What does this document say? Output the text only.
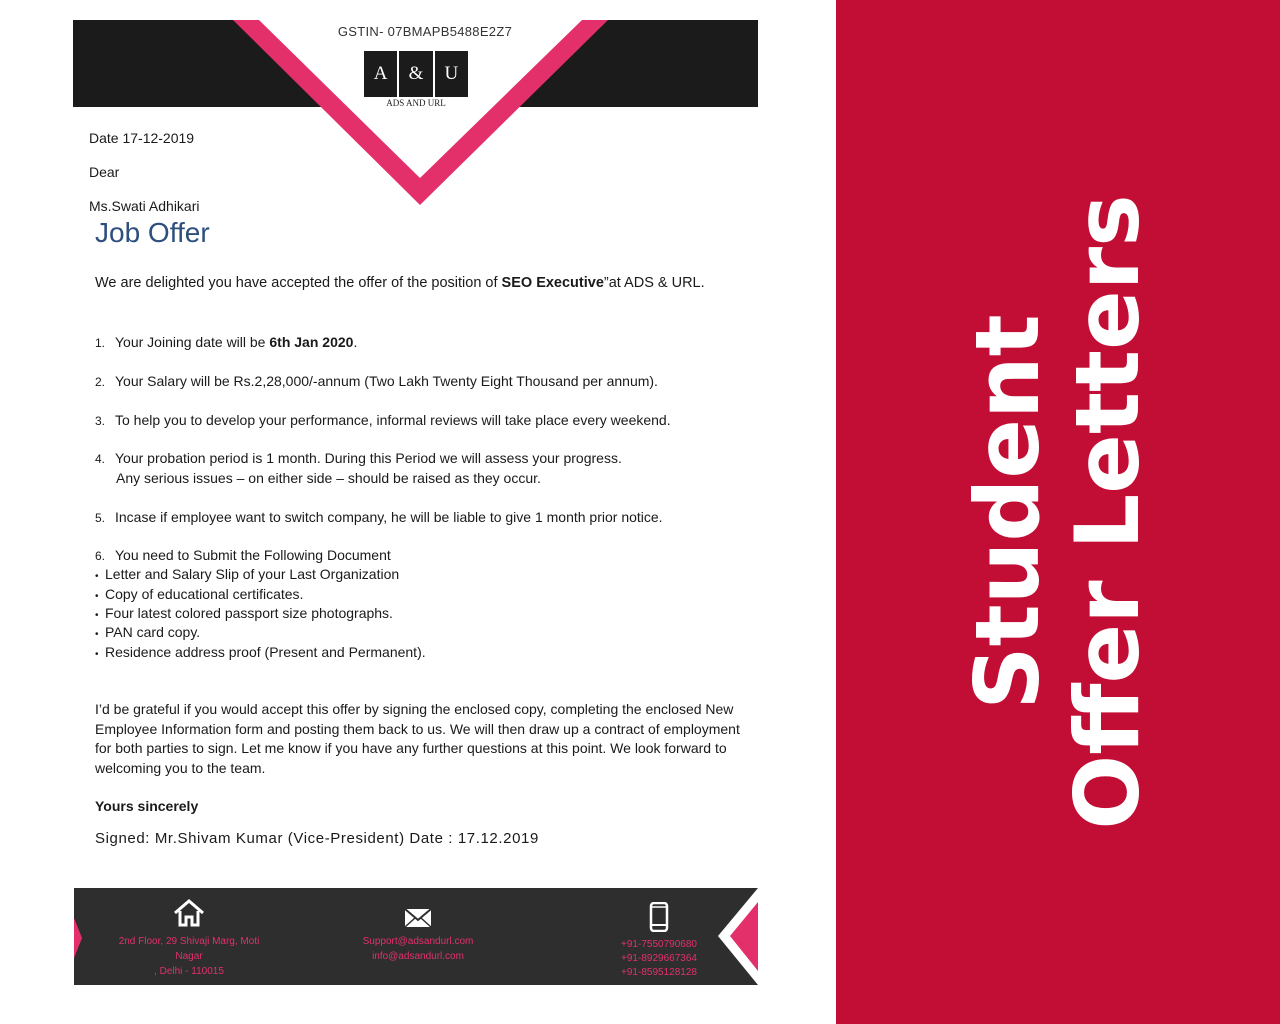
GSTIN- 07BMAPB5488E2Z7
A	&	U
ADS AND URL
Date 17-12-2019
Dear
Ms.Swati Adhikari
Job Offer
We are delighted you have accepted the offer of the position of SEO Executive”at ADS & URL.
1. Your Joining date will be 6th Jan 2020.
2. Your Salary will be Rs.2,28,000/-annum (Two Lakh Twenty Eight Thousand per annum).
3. To help you to develop your performance, informal reviews will take place every weekend.
4. Your probation period is 1 month. During this Period we will assess your progress.
Any serious issues – on either side – should be raised as they occur.
5. Incase if employee want to switch company, he will be liable to give 1 month prior notice.
6. You need to Submit the Following Document
• Letter and Salary Slip of your Last Organization
• Copy of educational certificates.
• Four latest colored passport size photographs.
• PAN card copy.
• Residence address proof (Present and Permanent).
I’d be grateful if you would accept this offer by signing the enclosed copy, completing the enclosed New Employee Information form and posting them back to us. We will then draw up a contract of employment for both parties to sign. Let me know if you have any further questions at this point. We look forward to welcoming you to the team.
Yours sincerely
Signed: Mr.Shivam Kumar (Vice-President) Date : 17.12.2019
2nd Floor, 29 Shivaji Marg, Moti Nagar
, Delhi - 110015
Support@adsandurl.com
info@adsandurl.com
+91-7550790680
+91-8929667364
+91-8595128128
Student
Offer Letters
